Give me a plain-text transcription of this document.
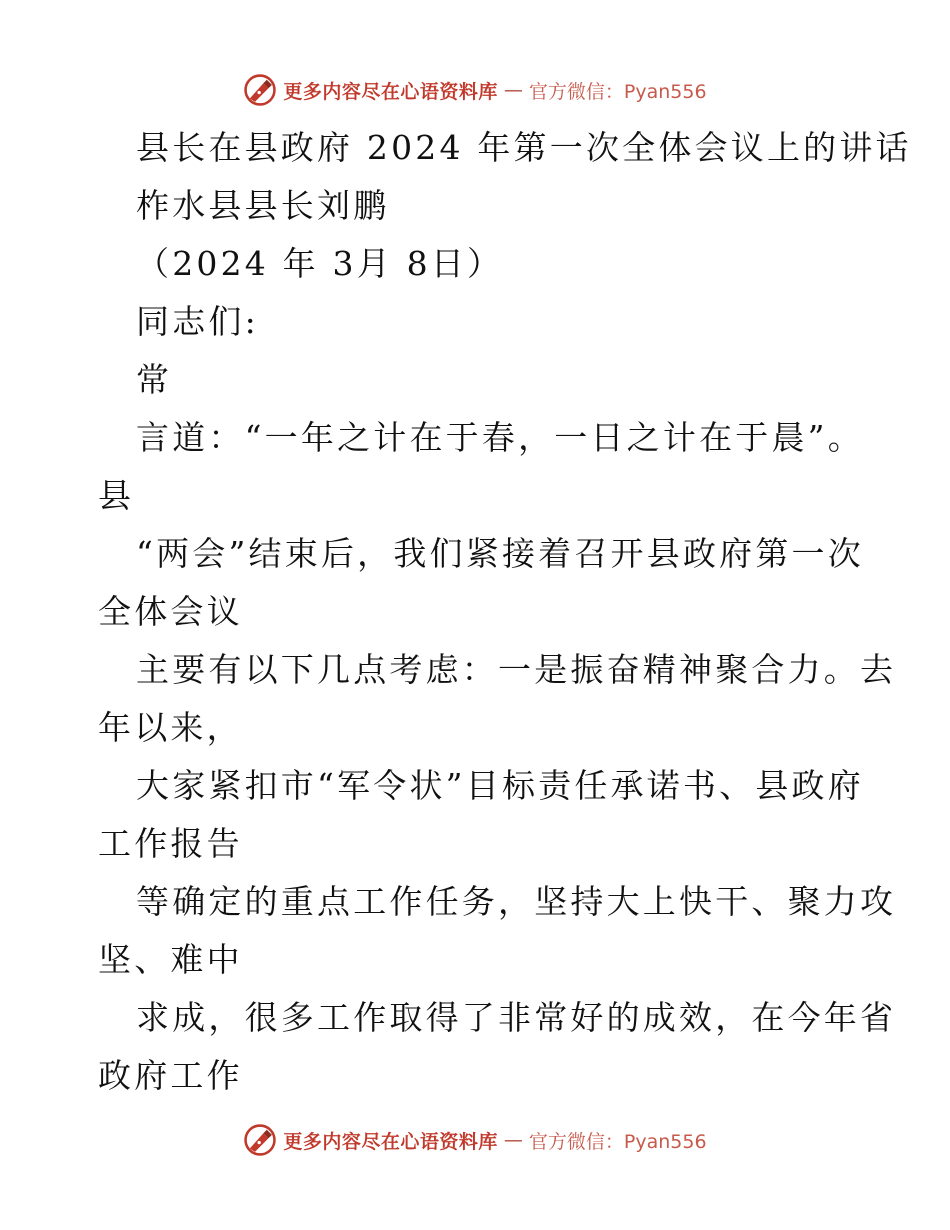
更多内容尽在心语资料库 — 官方微信：Pyan556
县长在县政府 2024 年第一次全体会议上的讲话
柞水县县长刘鹏
（2024 年 3月 8日）
同志们:
常
言道：“一年之计在于春，一日之计在于晨”。
县
“两会”结束后，我们紧接着召开县政府第一次
全体会议
主要有以下几点考虑：一是振奋精神聚合力。去
年以来，
大家紧扣市“军令状”目标责任承诺书、县政府
工作报告
等确定的重点工作任务，坚持大上快干、聚力攻
坚、难中
求成，很多工作取得了非常好的成效，在今年省
政府工作
更多内容尽在心语资料库 — 官方微信：Pyan556
